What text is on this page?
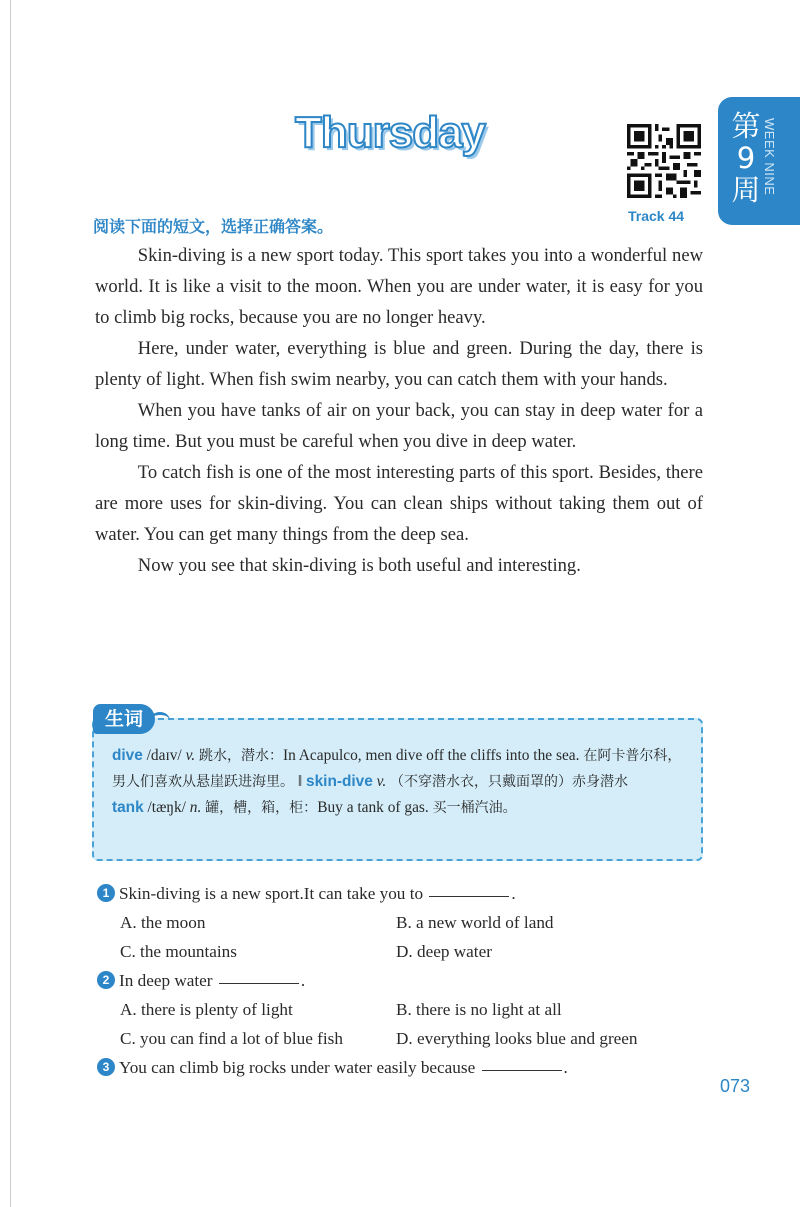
Thursday
Track 44
第9周 WEEK NINE
阅读下面的短文，选择正确答案。

Skin-diving is a new sport today. This sport takes you into a wonderful new world. It is like a visit to the moon. When you are under water, it is easy for you to climb big rocks, because you are no longer heavy.

Here, under water, everything is blue and green. During the day, there is plenty of light. When fish swim nearby, you can catch them with your hands.

When you have tanks of air on your back, you can stay in deep water for a long time. But you must be careful when you dive in deep water.

To catch fish is one of the most interesting parts of this sport. Besides, there are more uses for skin-diving. You can clean ships without taking them out of water. You can get many things from the deep sea.

Now you see that skin-diving is both useful and interesting.

生词
dive /daɪv/ v. 跳水，潜水：In Acapulco, men dive off the cliffs into the sea. 在阿卡普尔科，男人们喜欢从悬崖跃进海里。 ‖ skin-dive v. （不穿潜水衣，只戴面罩的）赤身潜水
tank /tæŋk/ n. 罐，槽，箱，柜：Buy a tank of gas. 买一桶汽油。
1 Skin-diving is a new sport.It can take you to	.
A. the moon	B. a new world of land
C. the mountains	D. deep water
2 In deep water	.
A. there is plenty of light	B. there is no light at all
C. you can find a lot of blue fish	D. everything looks blue and green
3 You can climb big rocks under water easily because	.
073
